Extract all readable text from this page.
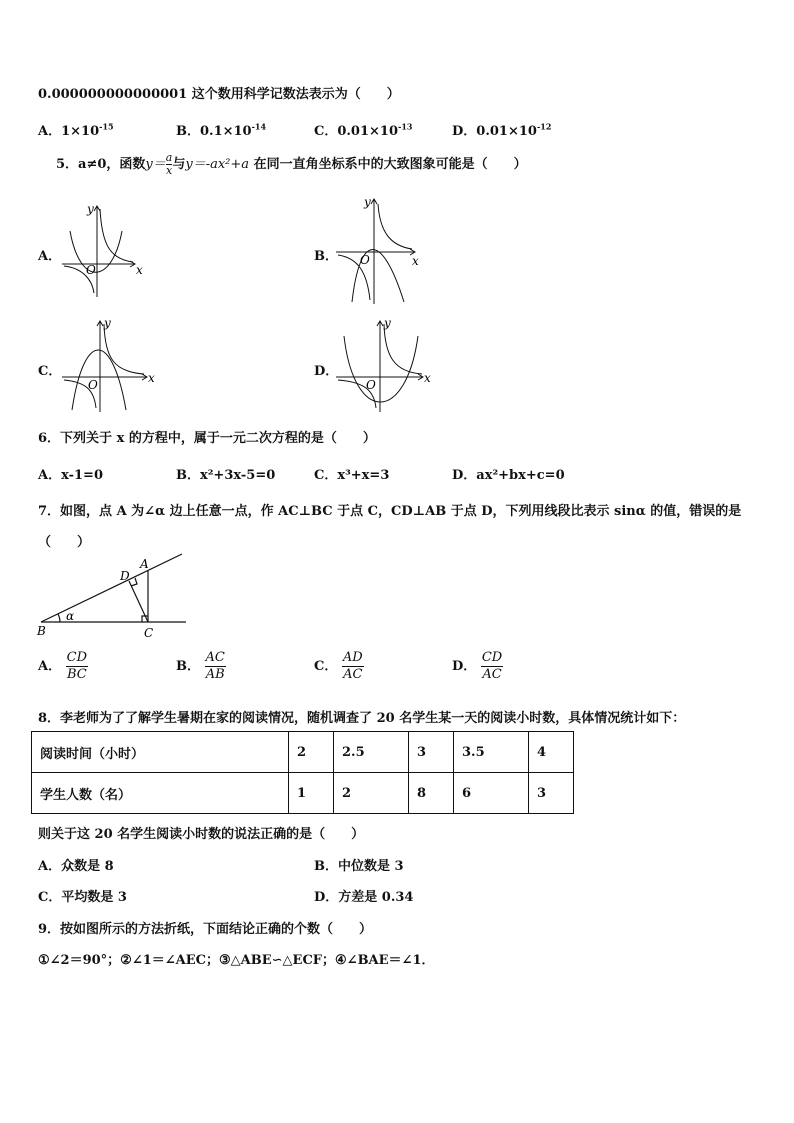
0.000000000000001 这个数用科学记数法表示为（　　）
A．$1\times 10^{-15}$	B．$0.1\times 10^{-14}$	C．$0.01\times 10^{-13}$	D．$0.01\times 10^{-12}$
5．a≠0，函数$y= \frac{a}{x}$ 与y＝-ax²+a 在同一直角坐标系中的大致图象可能是（　　）
A．
x
y
O
B．	x
y
O
C．	x
y
O
D．	x
y
O
6．下列关于 x 的方程中，属于一元二次方程的是（　　）
A．x-1=0	B．x²+3x-5=0	C．x³+x=3	D．ax²+bx+c=0
7．如图，点 A 为∠α 边上任意一点，作 AC⊥BC 于点 C，CD⊥AB 于点 D，下列用线段比表示 sinα 的值，错误的是
（　　）
A
B	C
D
α
A． $\frac{CD}{BC}$	B． $\frac{AC}{AB}$	C． $\frac{AD}{AC}$	D． $\frac{CD}{AC}$
8．李老师为了了解学生暑期在家的阅读情况，随机调查了 20 名学生某一天的阅读小时数，具体情况统计如下：
阅读时间（小时）	2	2.5	3	3.5	4
学生人数（名）	1	2	8	6	3
则关于这 20 名学生阅读小时数的说法正确的是（　　）
A．众数是 8	B．中位数是 3
C．平均数是 3	D．方差是 0.34
9．按如图所示的方法折纸，下面结论正确的个数（　　）
①∠2＝90°；②∠1＝∠AEC；③△ABE∽△ECF；④∠BAE＝∠1．
